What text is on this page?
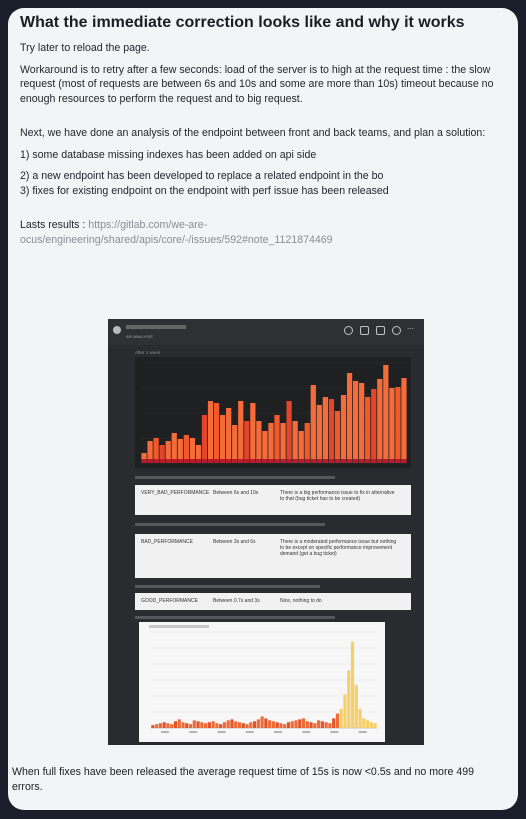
What the immediate correction looks like and why it works

Try later to reload the page.

Workaround is to retry after a few seconds: load of the server is to high at the request time : the slow request (most of requests are between 6s and 10s and some are more than 10s) timeout because no enough resources to perform the request and to big request.

Next, we have done an analysis of the endpoint between front and back teams, and plan a solution:

1) some database missing indexes has been added on api side

2) a new endpoint has been developed to replace a related endpoint in the bo

3) fixes for existing endpoint on the endpoint with perf issue has been released

Lasts results : https://gitlab.com/we-are-ocus/engineering/shared/apis/core/-/issues/592#note_1121874469

API ANALYSIS
⋯
After 1 week
VERY_BAD_PERFORMANCE Between 6s and 10s	There is a big performance issue to fix in alternative to that (bug ticket has to be created)
BAD_PERFORMANCE	Between 3s and 6s	There is a moderated performance issue but nothing to be except on specific performance improvement demand (get a bug ticket)
GOOD_PERFORMANCE	Between 0.7s and 3s	Nice, nothing to do
When full fixes have been released the average request time of 15s is now <0.5s and no more 499 errors.
